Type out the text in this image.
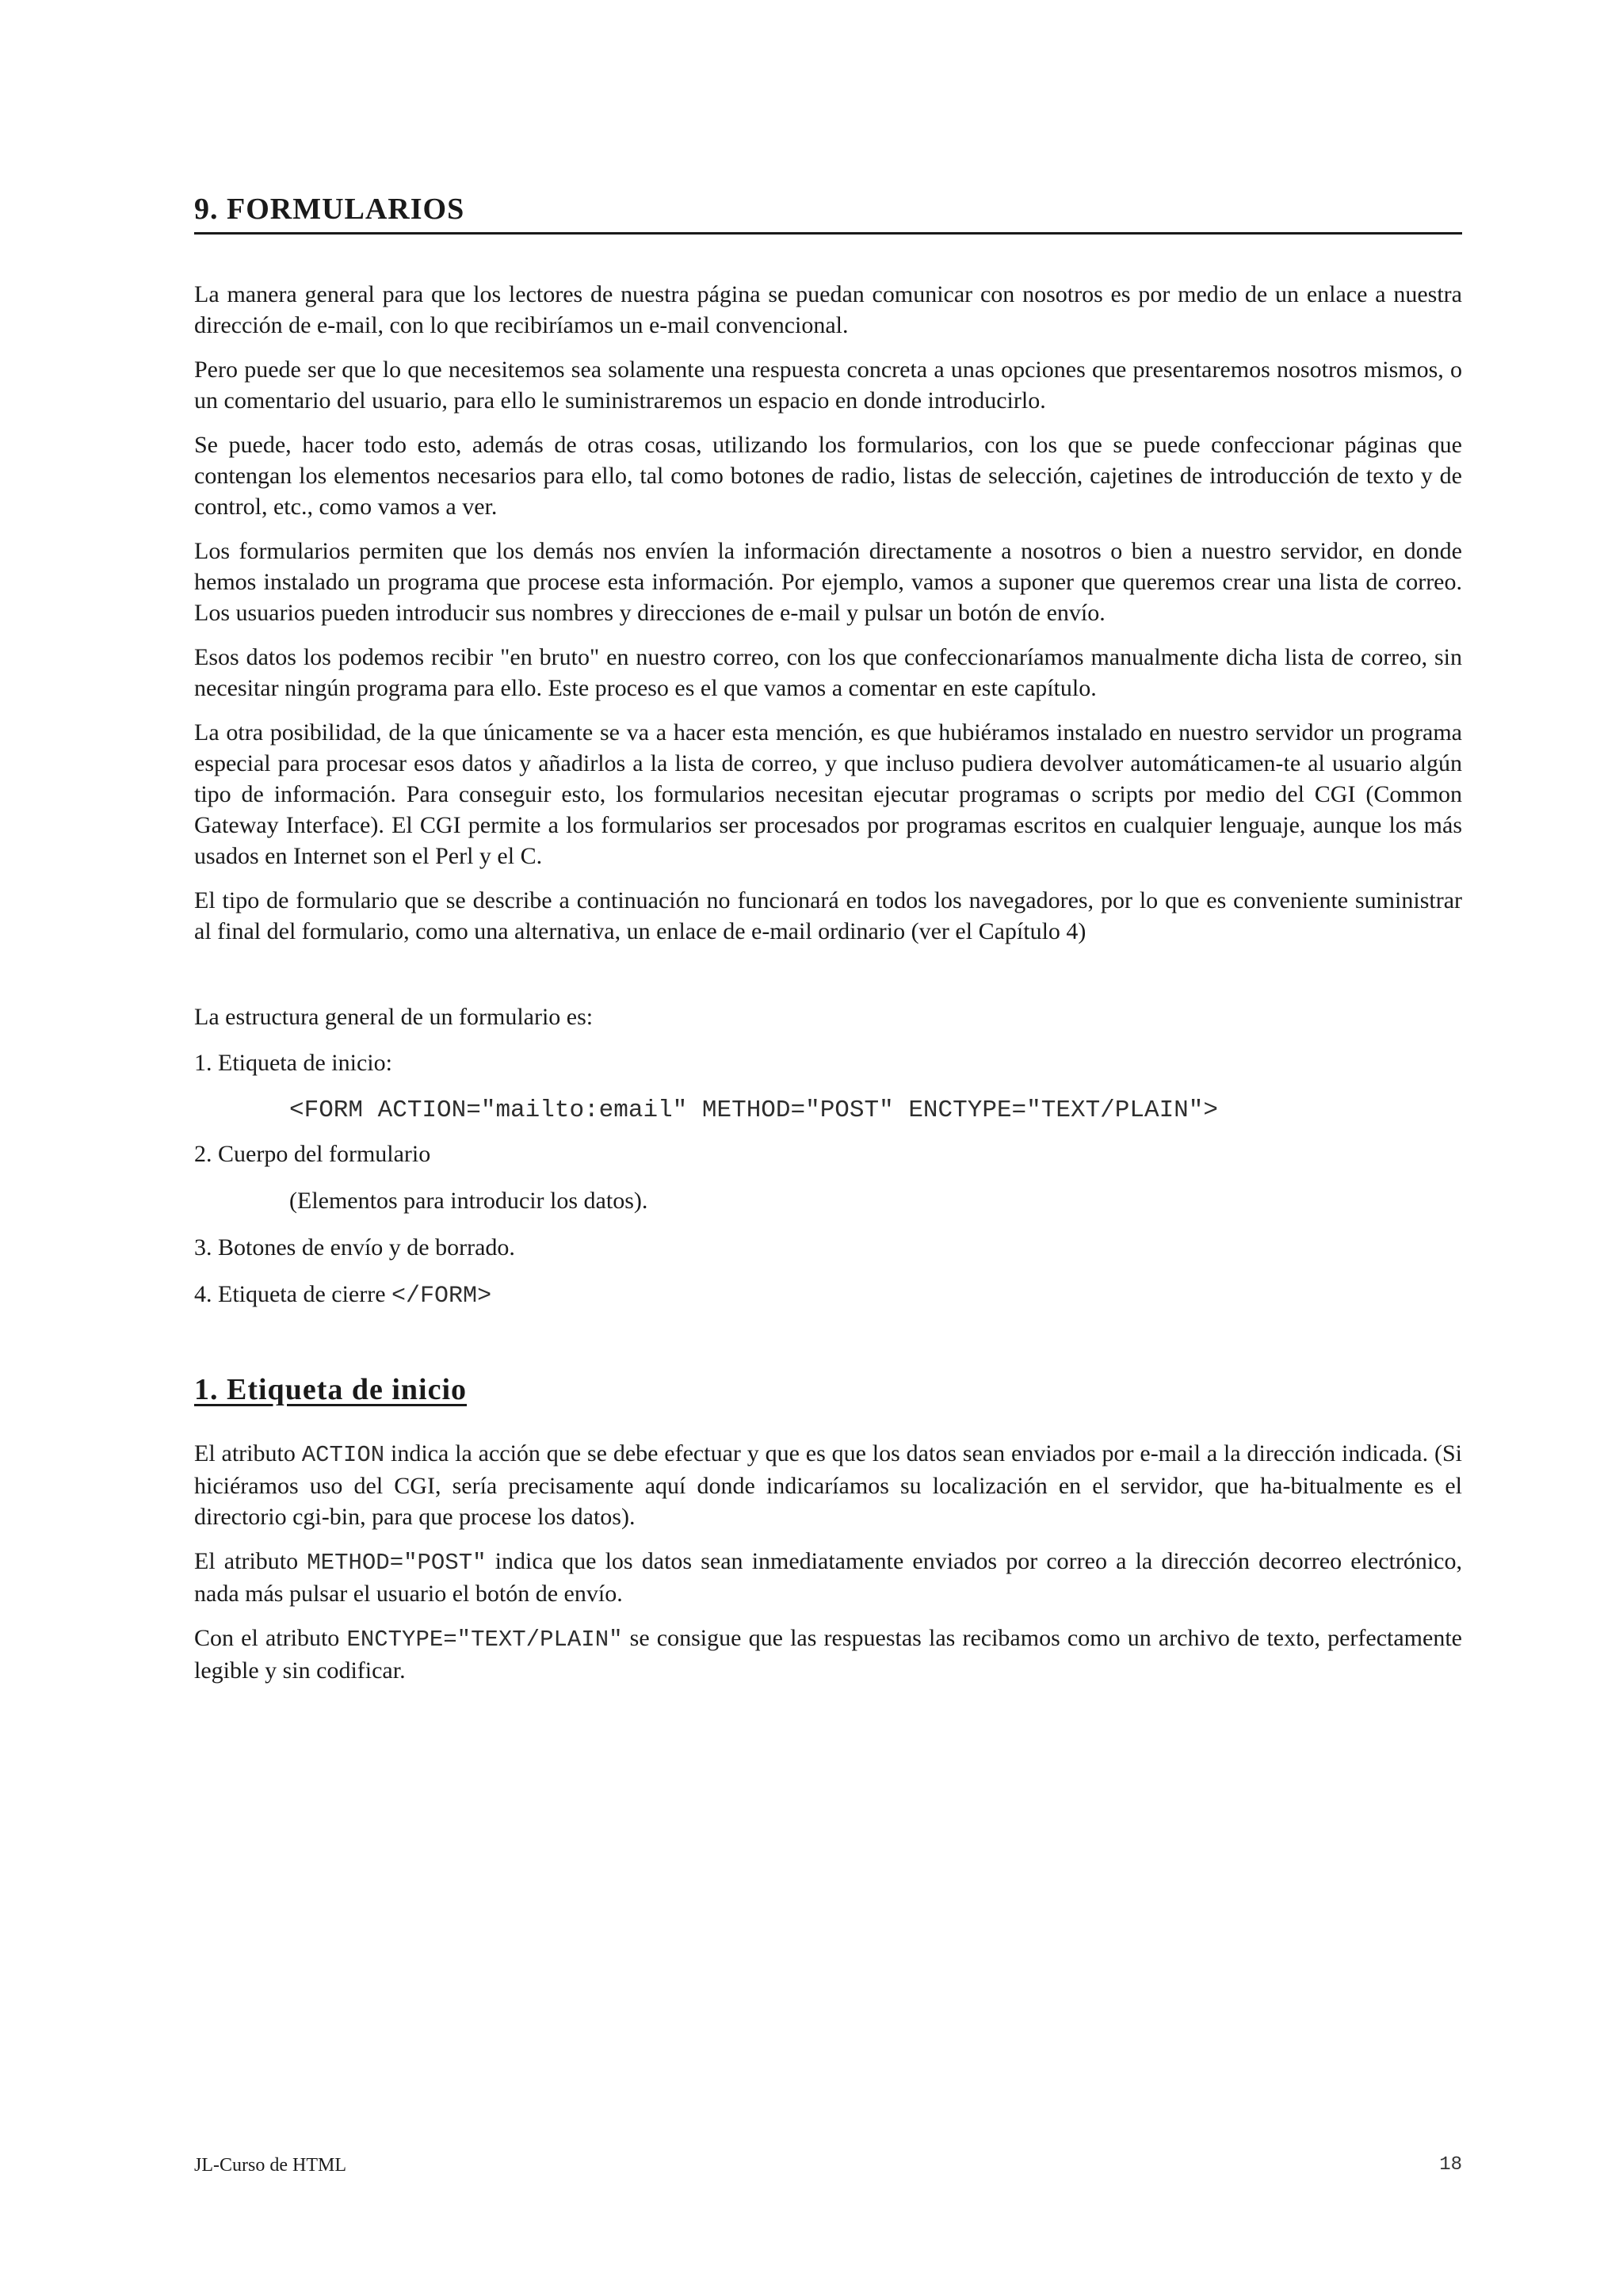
9. FORMULARIOS

La manera general para que los lectores de nuestra página se puedan comunicar con nosotros es por medio de un enlace a nuestra dirección de e-mail, con lo que recibiríamos un e-mail convencional.

Pero puede ser que lo que necesitemos sea solamente una respuesta concreta a unas opciones que presentaremos nosotros mismos, o un comentario del usuario, para ello le suministraremos un espacio en donde introducirlo.

Se puede, hacer todo esto, además de otras cosas, utilizando los formularios, con los que se puede confeccionar páginas que contengan los elementos necesarios para ello, tal como botones de radio, listas de selección, cajetines de introducción de texto y de control, etc., como vamos a ver.

Los formularios permiten que los demás nos envíen la información directamente a nosotros o bien a nuestro servidor, en donde hemos instalado un programa que procese esta información. Por ejemplo, vamos a suponer que queremos crear una lista de correo. Los usuarios pueden introducir sus nombres y direcciones de e-mail y pulsar un botón de envío.

Esos datos los podemos recibir "en bruto" en nuestro correo, con los que confeccionaríamos manualmente dicha lista de correo, sin necesitar ningún programa para ello. Este proceso es el que vamos a comentar en este capítulo.

La otra posibilidad, de la que únicamente se va a hacer esta mención, es que hubiéramos instalado en nuestro servidor un programa especial para procesar esos datos y añadirlos a la lista de correo, y que incluso pudiera devolver automáticamen-te al usuario algún tipo de información. Para conseguir esto, los formularios necesitan ejecutar programas o scripts por medio del CGI (Common Gateway Interface). El CGI permite a los formularios ser procesados por programas escritos en cualquier lenguaje, aunque los más usados en Internet son el Perl y el C.

El tipo de formulario que se describe a continuación no funcionará en todos los navegadores, por lo que es conveniente suministrar al final del formulario, como una alternativa, un enlace de e-mail ordinario (ver el Capítulo 4)

La estructura general de un formulario es:

1. Etiqueta de inicio:

<FORM ACTION="mailto:email" METHOD="POST" ENCTYPE="TEXT/PLAIN">

2. Cuerpo del formulario

(Elementos para introducir los datos).

3. Botones de envío y de borrado.

4. Etiqueta de cierre </FORM>

1. Etiqueta de inicio

El atributo ACTION indica la acción que se debe efectuar y que es que los datos sean enviados por e-mail a la dirección indicada. (Si hiciéramos uso del CGI, sería precisamente aquí donde indicaríamos su localización en el servidor, que ha-bitualmente es el directorio cgi-bin, para que procese los datos).

El atributo METHOD="POST" indica que los datos sean inmediatamente enviados por correo a la dirección decorreo electrónico, nada más pulsar el usuario el botón de envío.

Con el atributo ENCTYPE="TEXT/PLAIN" se consigue que las respuestas las recibamos como un archivo de texto, perfectamente legible y sin codificar.

JL-Curso de HTML	18
